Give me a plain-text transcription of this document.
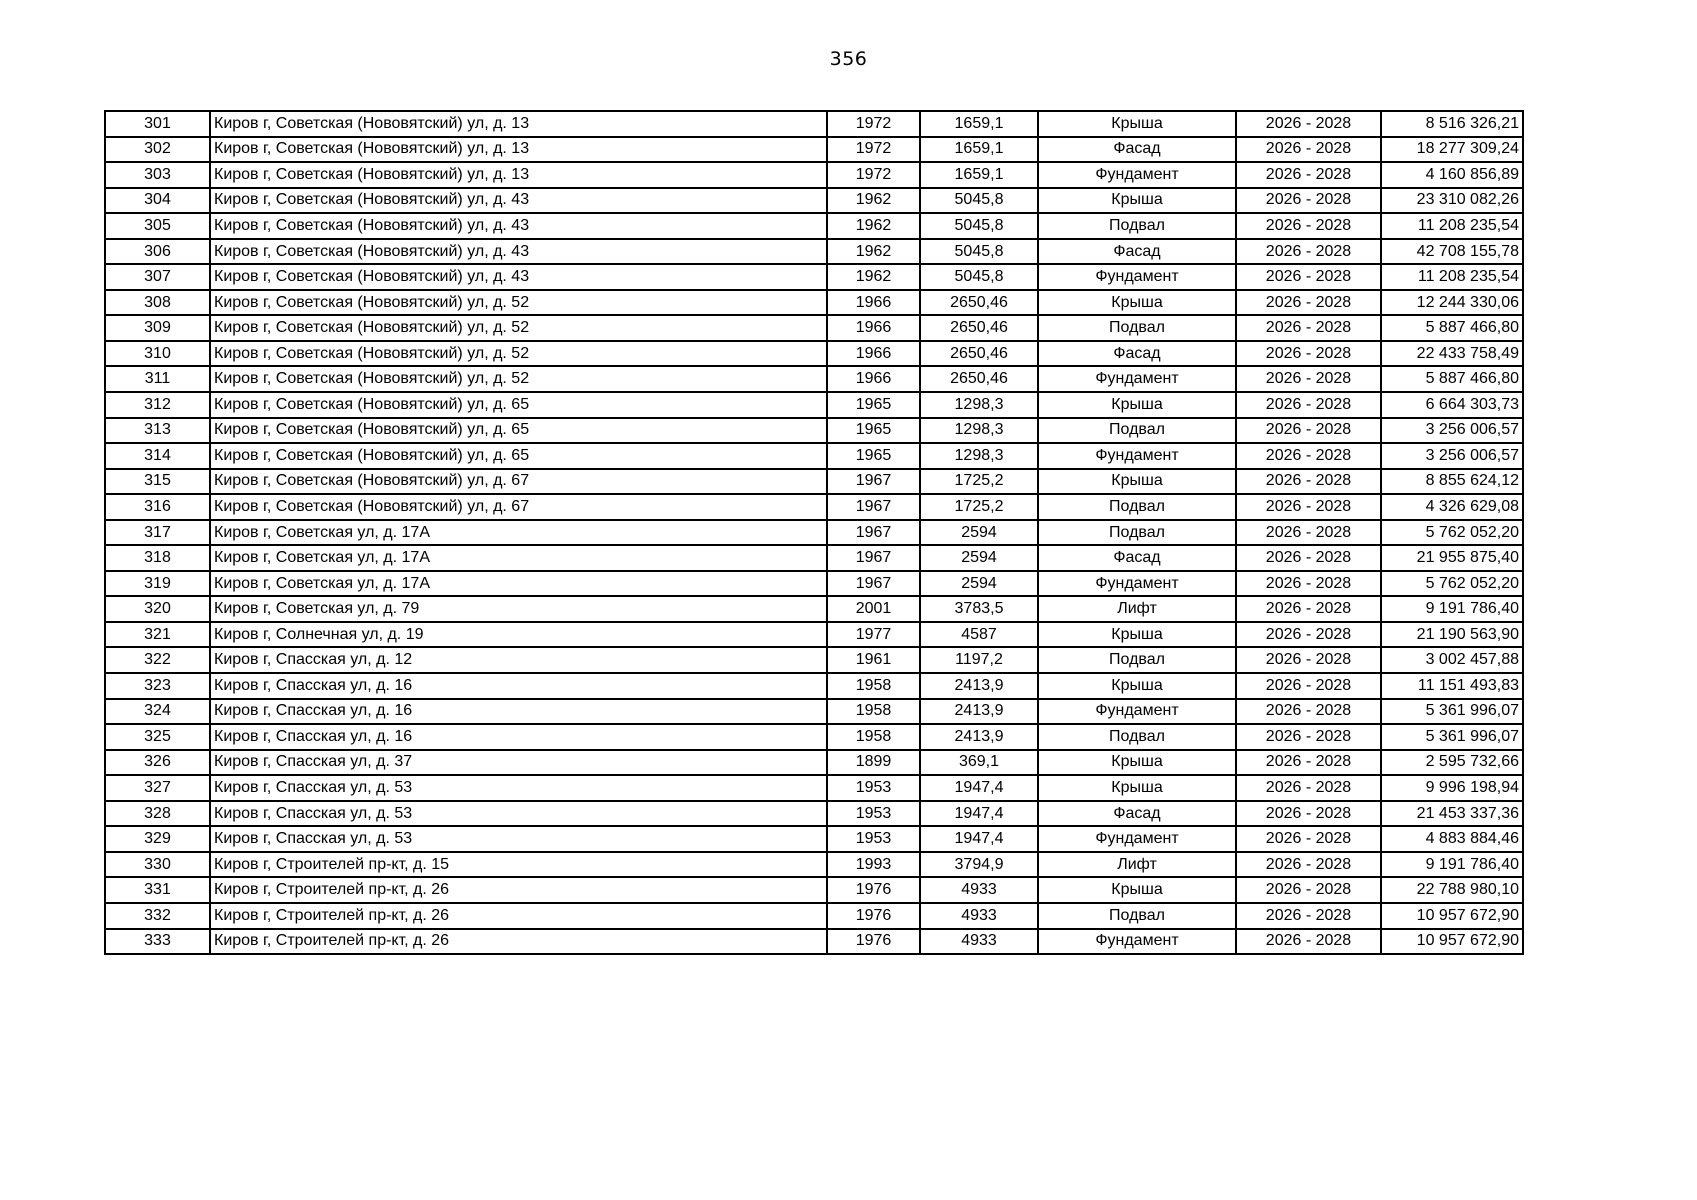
356
301	Киров г, Советская (Нововятский) ул, д. 13	1972	1659,1	Крыша	2026 - 2028	8 516 326,21
302	Киров г, Советская (Нововятский) ул, д. 13	1972	1659,1	Фасад	2026 - 2028	18 277 309,24
303	Киров г, Советская (Нововятский) ул, д. 13	1972	1659,1	Фундамент	2026 - 2028	4 160 856,89
304	Киров г, Советская (Нововятский) ул, д. 43	1962	5045,8	Крыша	2026 - 2028	23 310 082,26
305	Киров г, Советская (Нововятский) ул, д. 43	1962	5045,8	Подвал	2026 - 2028	11 208 235,54
306	Киров г, Советская (Нововятский) ул, д. 43	1962	5045,8	Фасад	2026 - 2028	42 708 155,78
307	Киров г, Советская (Нововятский) ул, д. 43	1962	5045,8	Фундамент	2026 - 2028	11 208 235,54
308	Киров г, Советская (Нововятский) ул, д. 52	1966	2650,46	Крыша	2026 - 2028	12 244 330,06
309	Киров г, Советская (Нововятский) ул, д. 52	1966	2650,46	Подвал	2026 - 2028	5 887 466,80
310	Киров г, Советская (Нововятский) ул, д. 52	1966	2650,46	Фасад	2026 - 2028	22 433 758,49
311	Киров г, Советская (Нововятский) ул, д. 52	1966	2650,46	Фундамент	2026 - 2028	5 887 466,80
312	Киров г, Советская (Нововятский) ул, д. 65	1965	1298,3	Крыша	2026 - 2028	6 664 303,73
313	Киров г, Советская (Нововятский) ул, д. 65	1965	1298,3	Подвал	2026 - 2028	3 256 006,57
314	Киров г, Советская (Нововятский) ул, д. 65	1965	1298,3	Фундамент	2026 - 2028	3 256 006,57
315	Киров г, Советская (Нововятский) ул, д. 67	1967	1725,2	Крыша	2026 - 2028	8 855 624,12
316	Киров г, Советская (Нововятский) ул, д. 67	1967	1725,2	Подвал	2026 - 2028	4 326 629,08
317	Киров г, Советская ул, д. 17А	1967	2594	Подвал	2026 - 2028	5 762 052,20
318	Киров г, Советская ул, д. 17А	1967	2594	Фасад	2026 - 2028	21 955 875,40
319	Киров г, Советская ул, д. 17А	1967	2594	Фундамент	2026 - 2028	5 762 052,20
320	Киров г, Советская ул, д. 79	2001	3783,5	Лифт	2026 - 2028	9 191 786,40
321	Киров г, Солнечная ул, д. 19	1977	4587	Крыша	2026 - 2028	21 190 563,90
322	Киров г, Спасская ул, д. 12	1961	1197,2	Подвал	2026 - 2028	3 002 457,88
323	Киров г, Спасская ул, д. 16	1958	2413,9	Крыша	2026 - 2028	11 151 493,83
324	Киров г, Спасская ул, д. 16	1958	2413,9	Фундамент	2026 - 2028	5 361 996,07
325	Киров г, Спасская ул, д. 16	1958	2413,9	Подвал	2026 - 2028	5 361 996,07
326	Киров г, Спасская ул, д. 37	1899	369,1	Крыша	2026 - 2028	2 595 732,66
327	Киров г, Спасская ул, д. 53	1953	1947,4	Крыша	2026 - 2028	9 996 198,94
328	Киров г, Спасская ул, д. 53	1953	1947,4	Фасад	2026 - 2028	21 453 337,36
329	Киров г, Спасская ул, д. 53	1953	1947,4	Фундамент	2026 - 2028	4 883 884,46
330	Киров г, Строителей пр-кт, д. 15	1993	3794,9	Лифт	2026 - 2028	9 191 786,40
331	Киров г, Строителей пр-кт, д. 26	1976	4933	Крыша	2026 - 2028	22 788 980,10
332	Киров г, Строителей пр-кт, д. 26	1976	4933	Подвал	2026 - 2028	10 957 672,90
333	Киров г, Строителей пр-кт, д. 26	1976	4933	Фундамент	2026 - 2028	10 957 672,90
